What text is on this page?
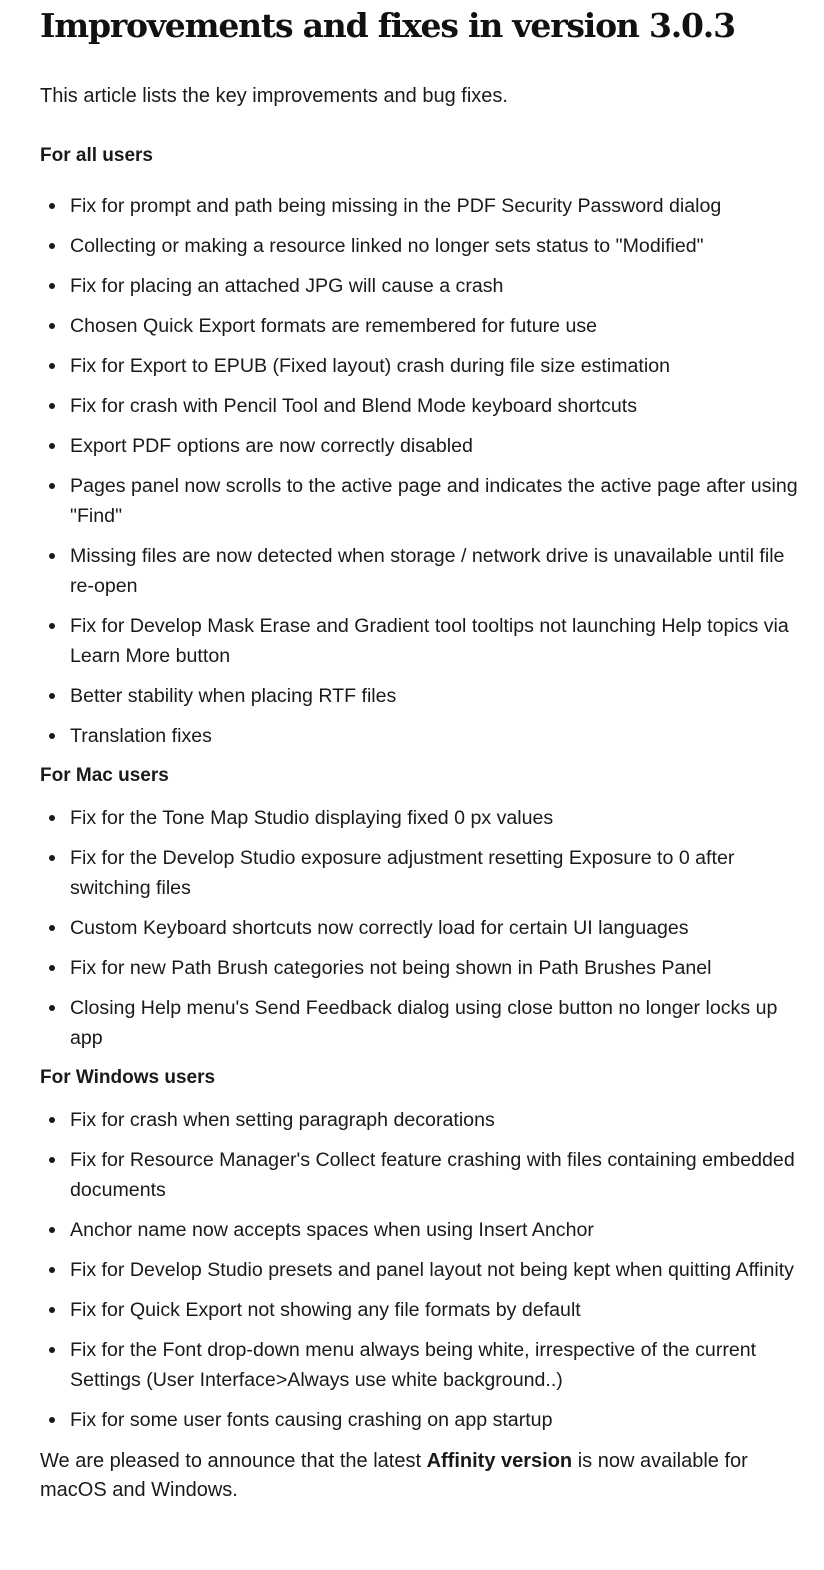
Improvements and fixes in version 3.0.3

This article lists the key improvements and bug fixes.

For all users

Fix for prompt and path being missing in the PDF Security Password dialog
Collecting or making a resource linked no longer sets status to "Modified"
Fix for placing an attached JPG will cause a crash
Chosen Quick Export formats are remembered for future use
Fix for Export to EPUB (Fixed layout) crash during file size estimation
Fix for crash with Pencil Tool and Blend Mode keyboard shortcuts
Export PDF options are now correctly disabled
Pages panel now scrolls to the active page and indicates the active page after using "Find"
Missing files are now detected when storage / network drive is unavailable until file re-open
Fix for Develop Mask Erase and Gradient tool tooltips not launching Help topics via Learn More button
Better stability when placing RTF files
Translation fixes

For Mac users

Fix for the Tone Map Studio displaying fixed 0 px values
Fix for the Develop Studio exposure adjustment resetting Exposure to 0 after switching files
Custom Keyboard shortcuts now correctly load for certain UI languages
Fix for new Path Brush categories not being shown in Path Brushes Panel
Closing Help menu's Send Feedback dialog using close button no longer locks up app

For Windows users

Fix for crash when setting paragraph decorations
Fix for Resource Manager's Collect feature crashing with files containing embedded documents
Anchor name now accepts spaces when using Insert Anchor
Fix for Develop Studio presets and panel layout not being kept when quitting Affinity
Fix for Quick Export not showing any file formats by default
Fix for the Font drop-down menu always being white, irrespective of the current Settings (User Interface>Always use white background..)
Fix for some user fonts causing crashing on app startup

We are pleased to announce that the latest Affinity version is now available for macOS and Windows.
